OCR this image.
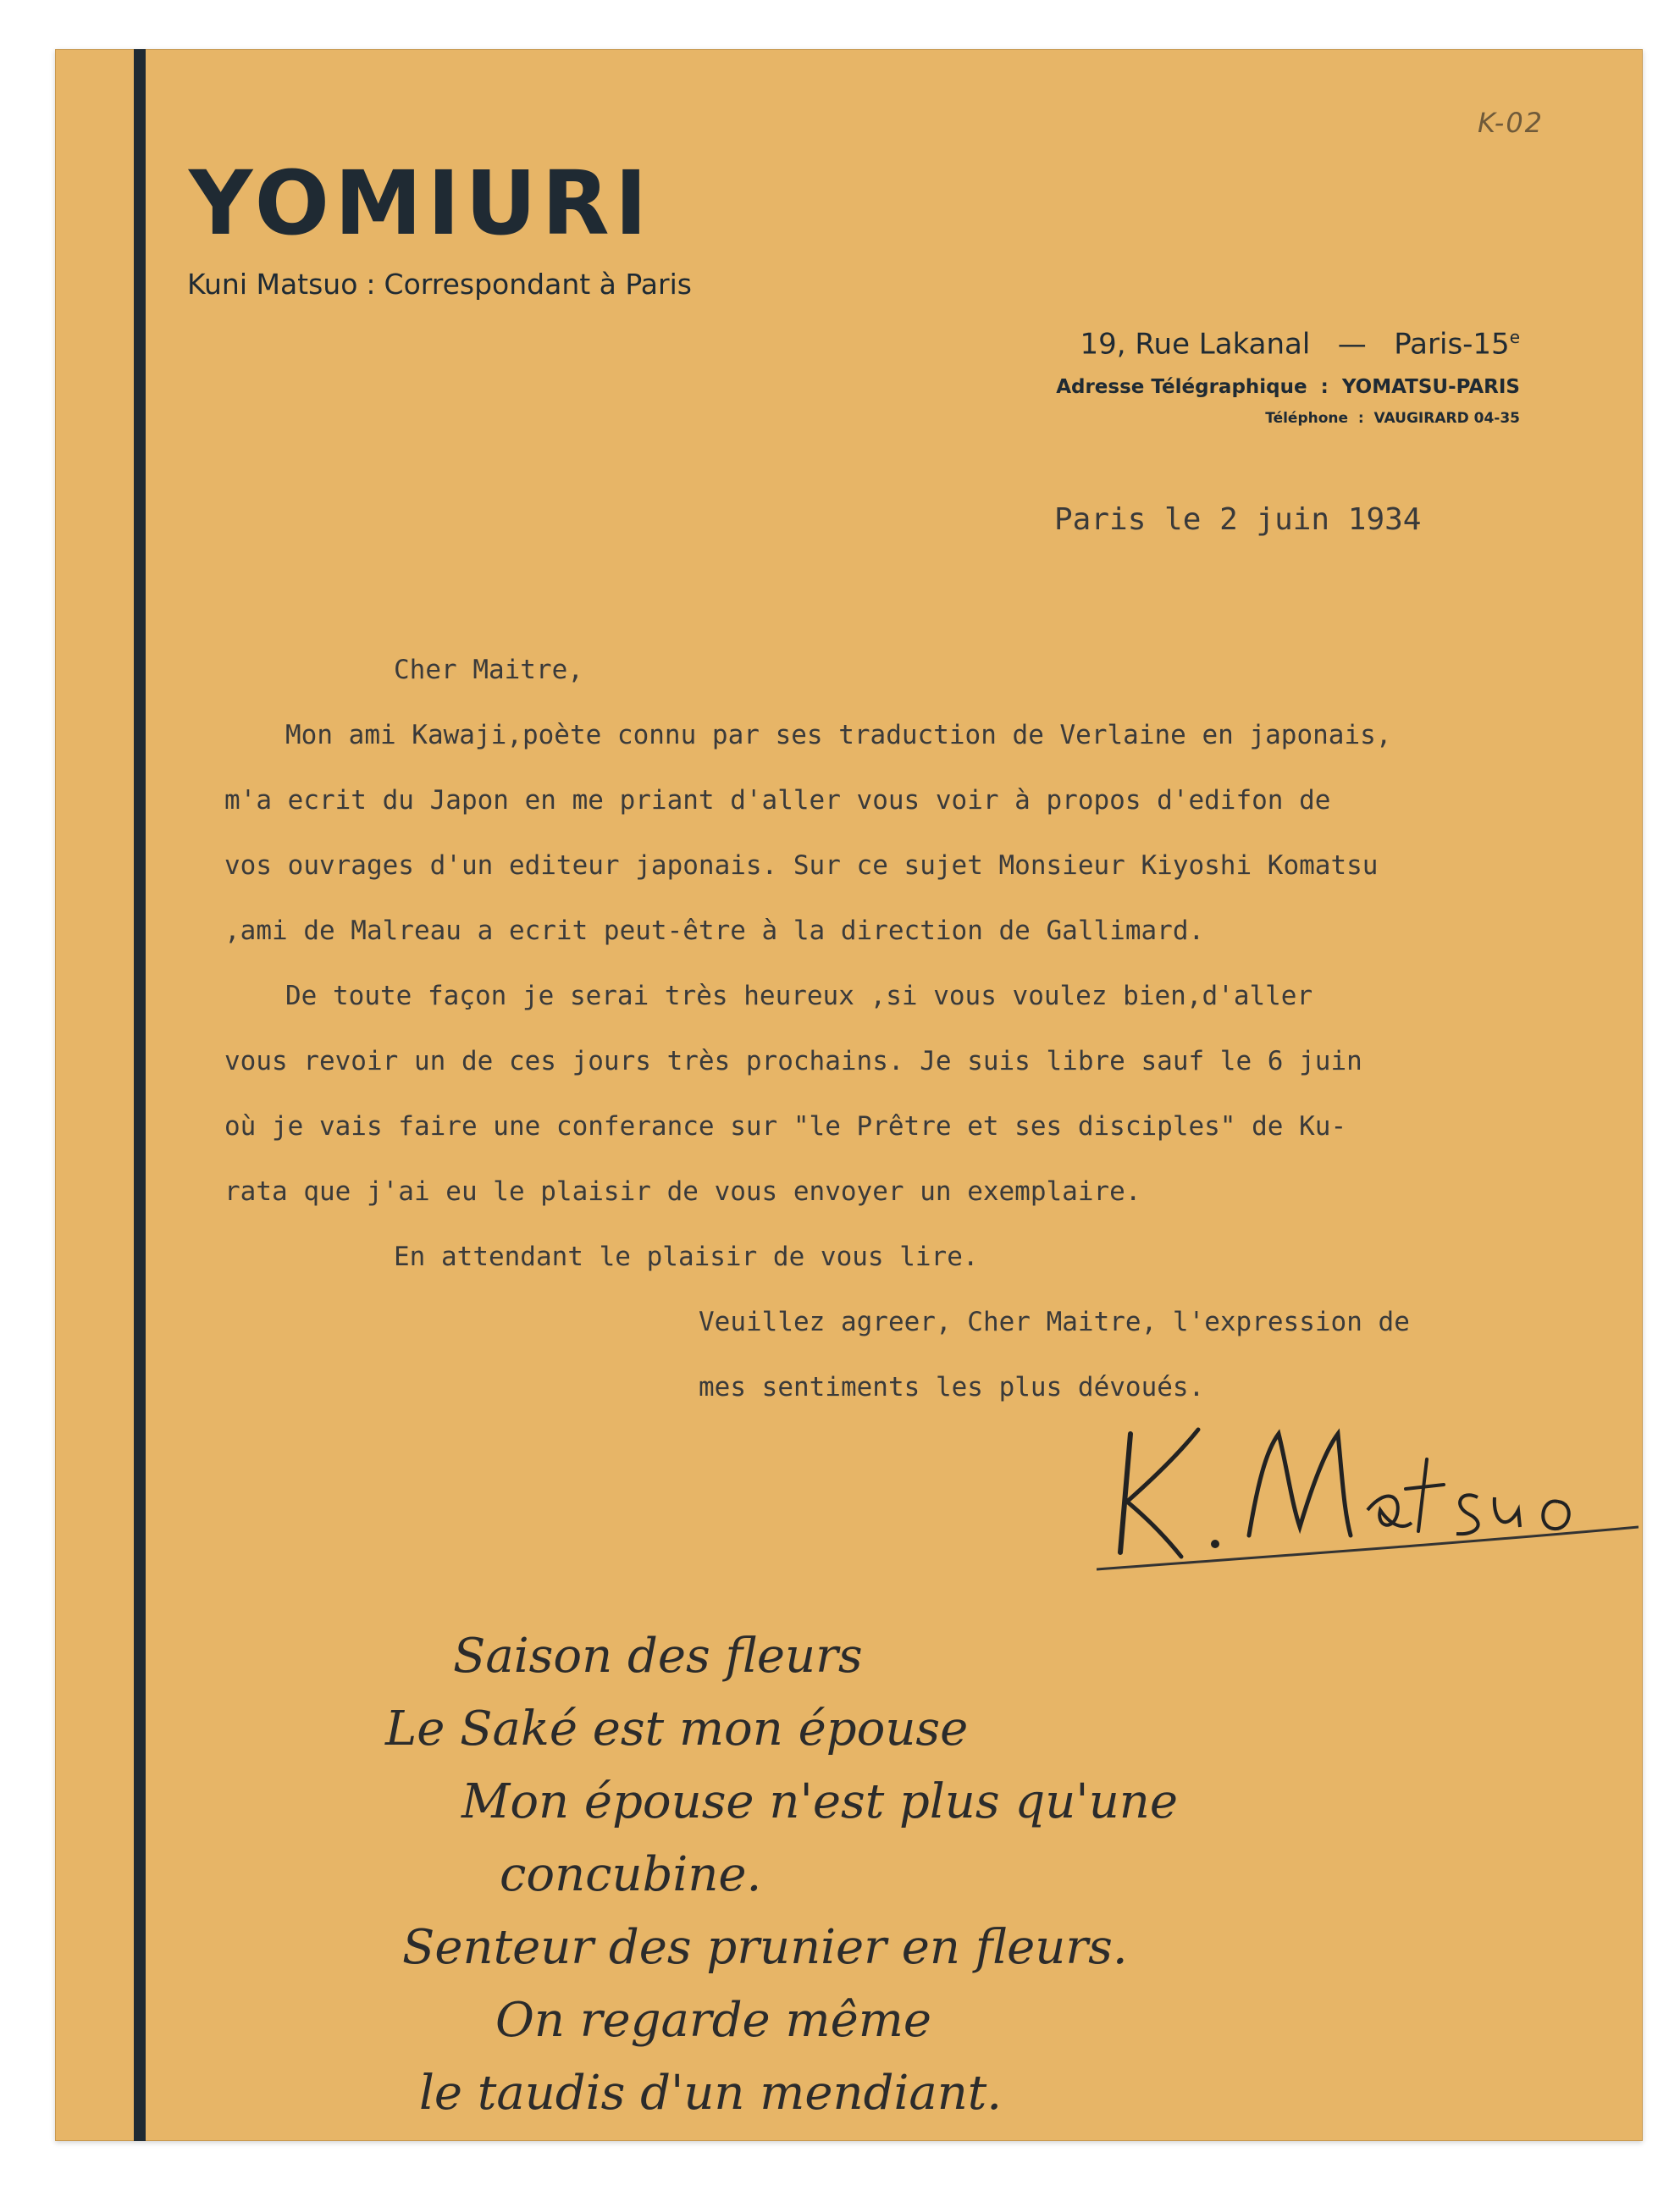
K-02
YOMIURI
Kuni Matsuo : Correspondant à Paris
19, Rue Lakanal   —   Paris-15e
Adresse Télégraphique  :  YOMATSU-PARIS
Téléphone  :  VAUGIRARD 04-35
Paris le 2 juin 1934

Cher Maitre,

Mon ami Kawaji,poète connu par ses traduction de Verlaine en japonais,

m'a ecrit du Japon en me priant d'aller vous voir à propos d'edifon de

vos ouvrages d'un editeur japonais. Sur ce sujet Monsieur Kiyoshi Komatsu

,ami de Malreau a ecrit peut-être à la direction de Gallimard.

De toute façon je serai très heureux ,si vous voulez bien,d'aller

vous revoir un de ces jours très prochains. Je suis libre sauf le 6 juin

où je vais faire une conferance sur "le Prêtre et ses disciples" de Ku-

rata que j'ai eu le plaisir de vous envoyer un exemplaire.

En attendant le plaisir de vous lire.

Veuillez agreer, Cher Maitre, l'expression de

mes sentiments les plus dévoués.

Saison des fleurs

Le Saké est mon épouse

Mon épouse n'est plus qu'une

concubine.

Senteur des prunier en fleurs.

On regarde même

le taudis d'un mendiant.
